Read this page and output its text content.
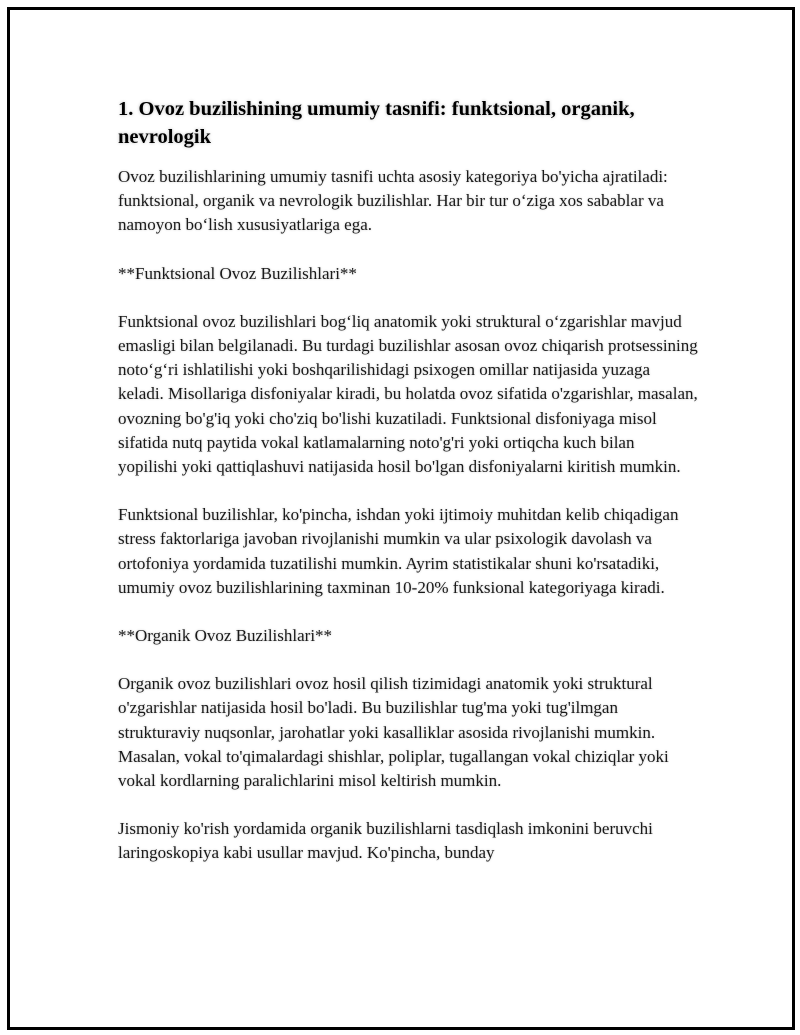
1. Ovoz buzilishining umumiy tasnifi: funktsional, organik, nevrologik

Ovoz buzilishlarining umumiy tasnifi uchta asosiy kategoriya bo'yicha ajratiladi: funktsional, organik va nevrologik buzilishlar. Har bir tur o‘ziga xos sabablar va namoyon bo‘lish xususiyatlariga ega.

**Funktsional Ovoz Buzilishlari**

Funktsional ovoz buzilishlari bog‘liq anatomik yoki struktural o‘zgarishlar mavjud emasligi bilan belgilanadi. Bu turdagi buzilishlar asosan ovoz chiqarish protsessining noto‘g‘ri ishlatilishi yoki boshqarilishidagi psixogen omillar natijasida yuzaga keladi. Misollariga disfoniyalar kiradi, bu holatda ovoz sifatida o'zgarishlar, masalan, ovozning bo'g'iq yoki cho'ziq bo'lishi kuzatiladi. Funktsional disfoniyaga misol sifatida nutq paytida vokal katlamalarning noto'g'ri yoki ortiqcha kuch bilan yopilishi yoki qattiqlashuvi natijasida hosil bo'lgan disfoniyalarni kiritish mumkin.

Funktsional buzilishlar, ko'pincha, ishdan yoki ijtimoiy muhitdan kelib chiqadigan stress faktorlariga javoban rivojlanishi mumkin va ular psixologik davolash va ortofoniya yordamida tuzatilishi mumkin. Ayrim statistikalar shuni ko'rsatadiki, umumiy ovoz buzilishlarining taxminan 10-20% funksional kategoriyaga kiradi.

**Organik Ovoz Buzilishlari**

Organik ovoz buzilishlari ovoz hosil qilish tizimidagi anatomik yoki struktural o'zgarishlar natijasida hosil bo'ladi. Bu buzilishlar tug'ma yoki tug'ilmgan strukturaviy nuqsonlar, jarohatlar yoki kasalliklar asosida rivojlanishi mumkin. Masalan, vokal to'qimalardagi shishlar, poliplar, tugallangan vokal chiziqlar yoki vokal kordlarning paralichlarini misol keltirish mumkin.

Jismoniy ko'rish yordamida organik buzilishlarni tasdiqlash imkonini beruvchi laringoskopiya kabi usullar mavjud. Ko'pincha, bunday
